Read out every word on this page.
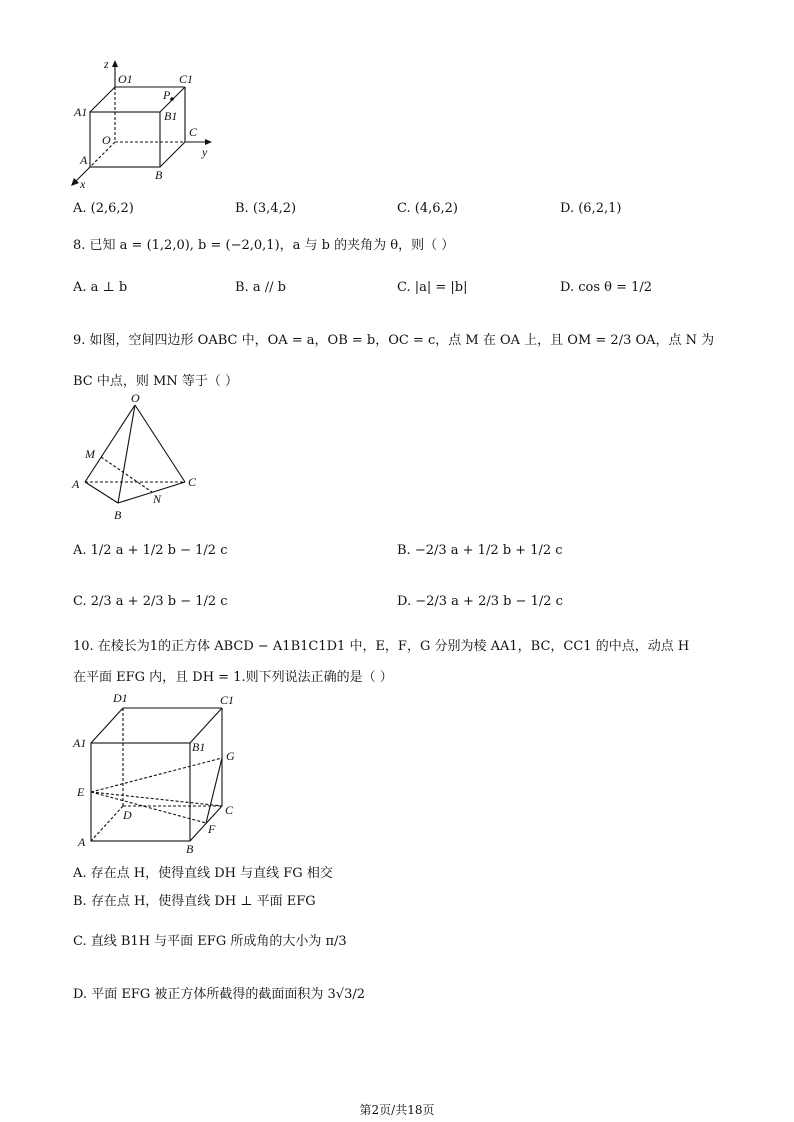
z
O1	C1
P
A1	B1
C
O
y
A
B
x
A. (2,6,2)	B. (3,4,2)	C. (4,6,2)	D. (6,2,1)
8. 已知 a = (1,2,0), b = (−2,0,1)，a 与 b 的夹角为 θ，则（ ）
A. a ⊥ b	B. a // b	C. |a| = |b|	D. cos θ = 1/2
9. 如图，空间四边形 OABC 中，OA = a，OB = b，OC = c，点 M 在 OA 上，且 OM = 2/3 OA，点 N 为
BC 中点，则 MN 等于（ ）
O
M
A	C
N
B
A. 1/2 a + 1/2 b − 1/2 c	B. −2/3 a + 1/2 b + 1/2 c
C. 2/3 a + 2/3 b − 1/2 c	D. −2/3 a + 2/3 b − 1/2 c
10. 在棱长为1的正方体 ABCD − A1B1C1D1 中，E，F，G 分别为棱 AA1，BC，CC1 的中点，动点 H
在平面 EFG 内，且 DH = 1.则下列说法正确的是（ ）
D1	C1
A1	B1
G
E
D	C
F
A	B
A. 存在点 H，使得直线 DH 与直线 FG 相交
B. 存在点 H，使得直线 DH ⊥ 平面 EFG
C. 直线 B1H 与平面 EFG 所成角的大小为 π/3
D. 平面 EFG 被正方体所截得的截面面积为 3√3/2
第2页/共18页
